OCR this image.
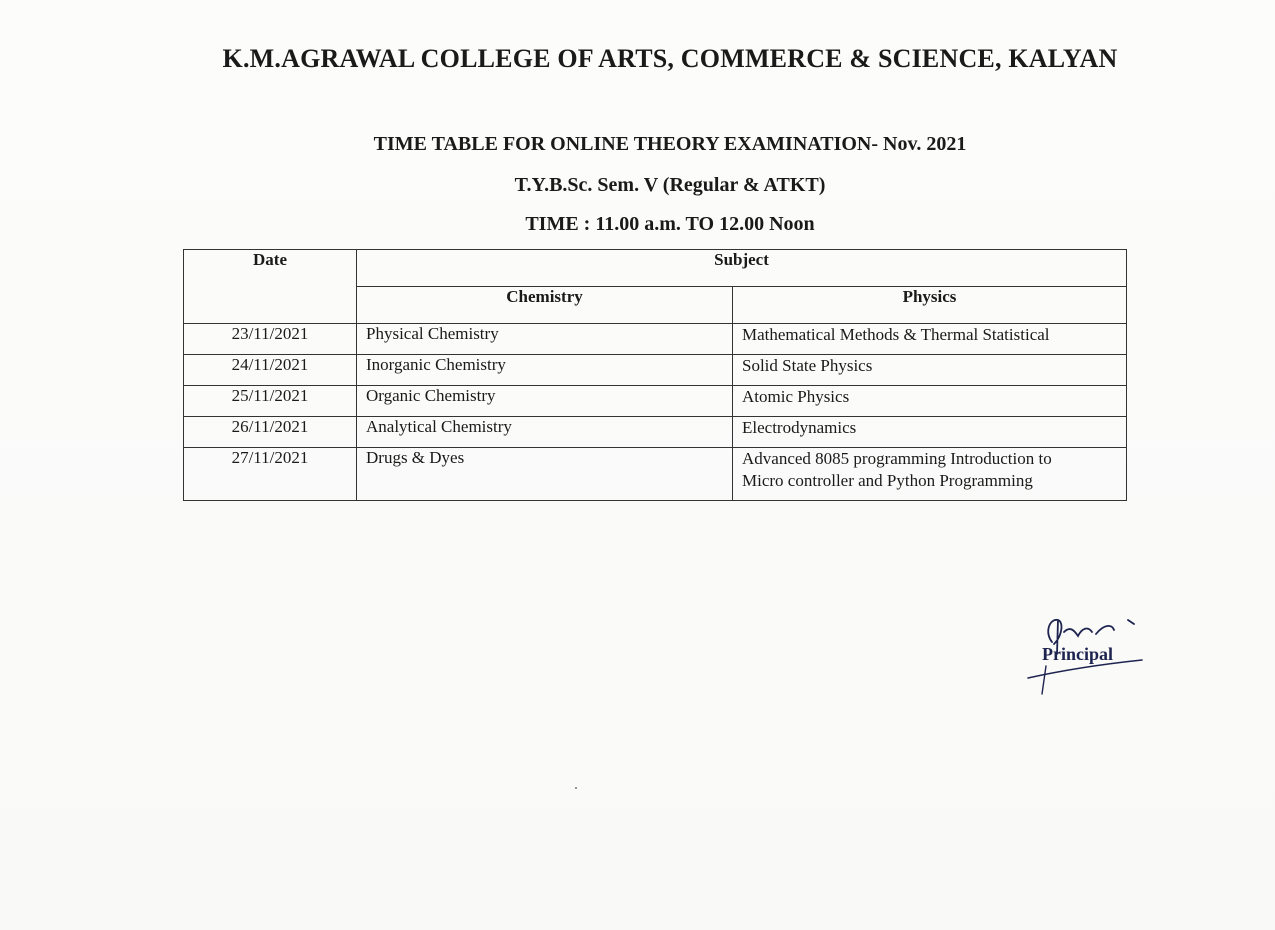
K.M.AGRAWAL COLLEGE OF ARTS, COMMERCE & SCIENCE, KALYAN
TIME TABLE FOR ONLINE THEORY EXAMINATION- Nov. 2021
T.Y.B.Sc. Sem. V (Regular & ATKT)
TIME : 11.00 a.m. TO 12.00 Noon
Date	Subject	
	Chemistry	Physics
23/11/2021	Physical Chemistry	Mathematical Methods & Thermal Statistical

24/11/2021	Inorganic Chemistry	Solid State Physics

25/11/2021	Organic Chemistry	Atomic Physics

26/11/2021	Analytical Chemistry	Electrodynamics

27/11/2021	Drugs & Dyes	Advanced 8085 programming Introduction to
Micro controller and Python Programming
Principal
